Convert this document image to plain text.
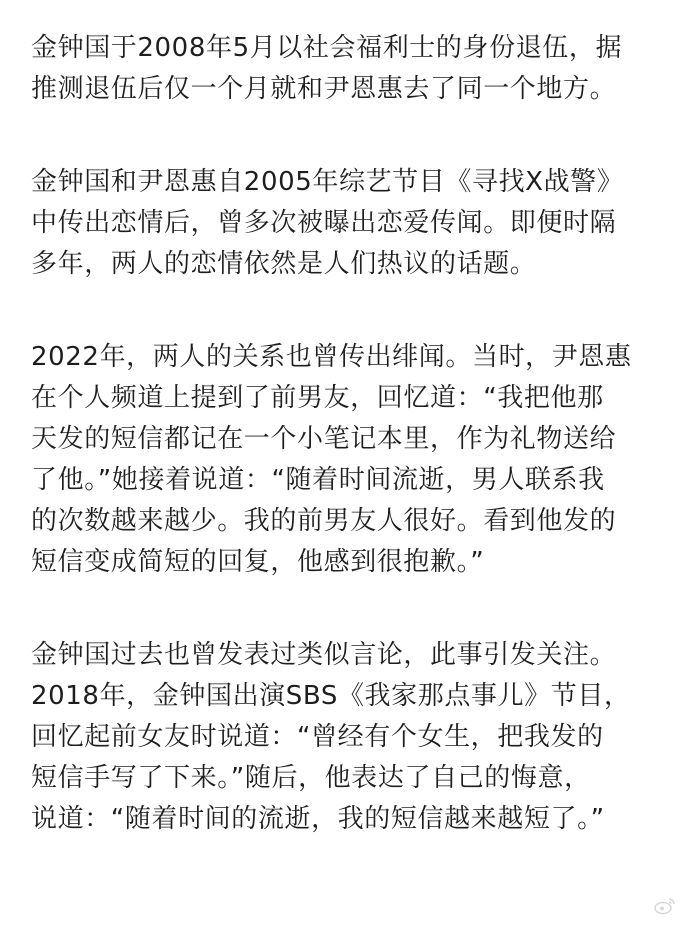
金钟国于2008年5月以社会福利士的身份退伍，据
推测退伍后仅一个月就和尹恩惠去了同一个地方。
金钟国和尹恩惠自2005年综艺节目《寻找X战警》
中传出恋情后，曾多次被曝出恋爱传闻。即便时隔
多年，两人的恋情依然是人们热议的话题。
2022年，两人的关系也曾传出绯闻。当时，尹恩惠
在个人频道上提到了前男友，回忆道：“我把他那
天发的短信都记在一个小笔记本里，作为礼物送给
了他。”她接着说道：“随着时间流逝，男人联系我
的次数越来越少。我的前男友人很好。看到他发的
短信变成简短的回复，他感到很抱歉。”
金钟国过去也曾发表过类似言论，此事引发关注。
2018年，金钟国出演SBS《我家那点事儿》节目，
回忆起前女友时说道：“曾经有个女生，把我发的
短信手写了下来。”随后，他表达了自己的悔意，
说道：“随着时间的流逝，我的短信越来越短了。”
